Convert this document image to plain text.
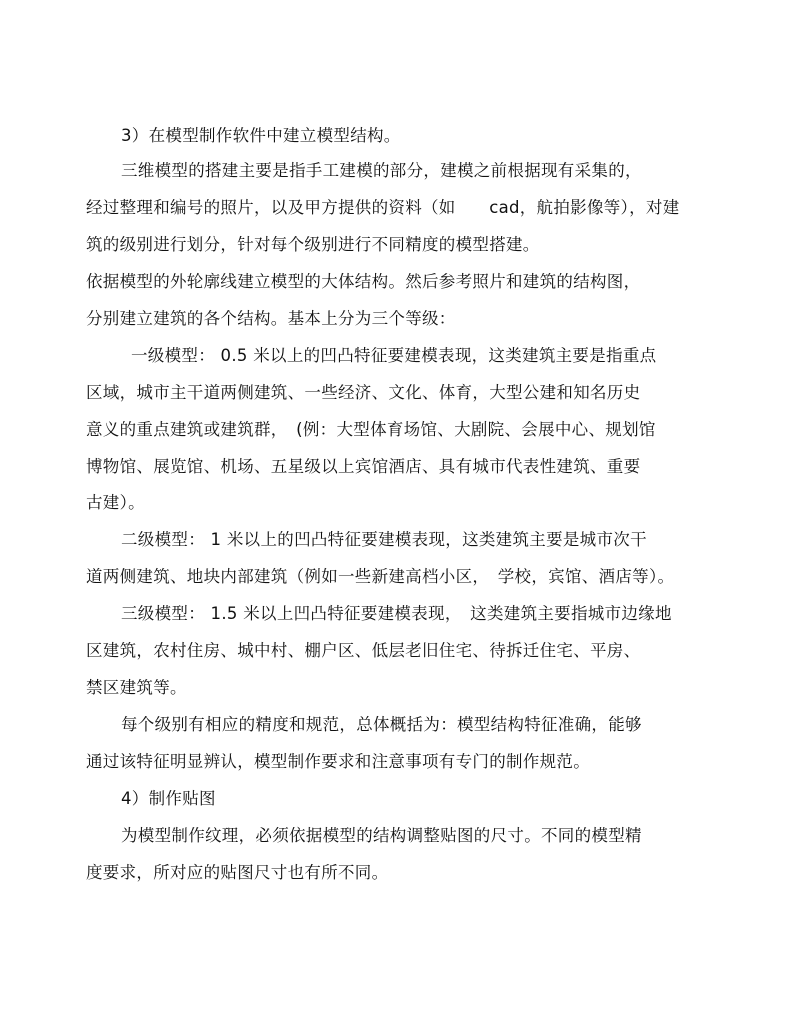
3）在模型制作软件中建立模型结构。
三维模型的搭建主要是指手工建模的部分，建模之前根据现有采集的，
经过整理和编号的照片，以及甲方提供的资料（如　　cad，航拍影像等），对建
筑的级别进行划分，针对每个级别进行不同精度的模型搭建。
依据模型的外轮廓线建立模型的大体结构。然后参考照片和建筑的结构图，
分别建立建筑的各个结构。基本上分为三个等级：
一级模型： 0.5 米以上的凹凸特征要建模表现，这类建筑主要是指重点
区域，城市主干道两侧建筑、一些经济、文化、体育，大型公建和知名历史
意义的重点建筑或建筑群，　(例：大型体育场馆、大剧院、会展中心、规划馆
博物馆、展览馆、机场、五星级以上宾馆酒店、具有城市代表性建筑、重要
古建）。
二级模型： 1 米以上的凹凸特征要建模表现，这类建筑主要是城市次干
道两侧建筑、地块内部建筑（例如一些新建高档小区，　学校，宾馆、酒店等）。
三级模型： 1.5 米以上凹凸特征要建模表现，　这类建筑主要指城市边缘地
区建筑，农村住房、城中村、棚户区、低层老旧住宅、待拆迁住宅、平房、
禁区建筑等。
每个级别有相应的精度和规范，总体概括为：模型结构特征准确，能够
通过该特征明显辨认，模型制作要求和注意事项有专门的制作规范。
4）制作贴图
为模型制作纹理，必须依据模型的结构调整贴图的尺寸。不同的模型精
度要求，所对应的贴图尺寸也有所不同。
